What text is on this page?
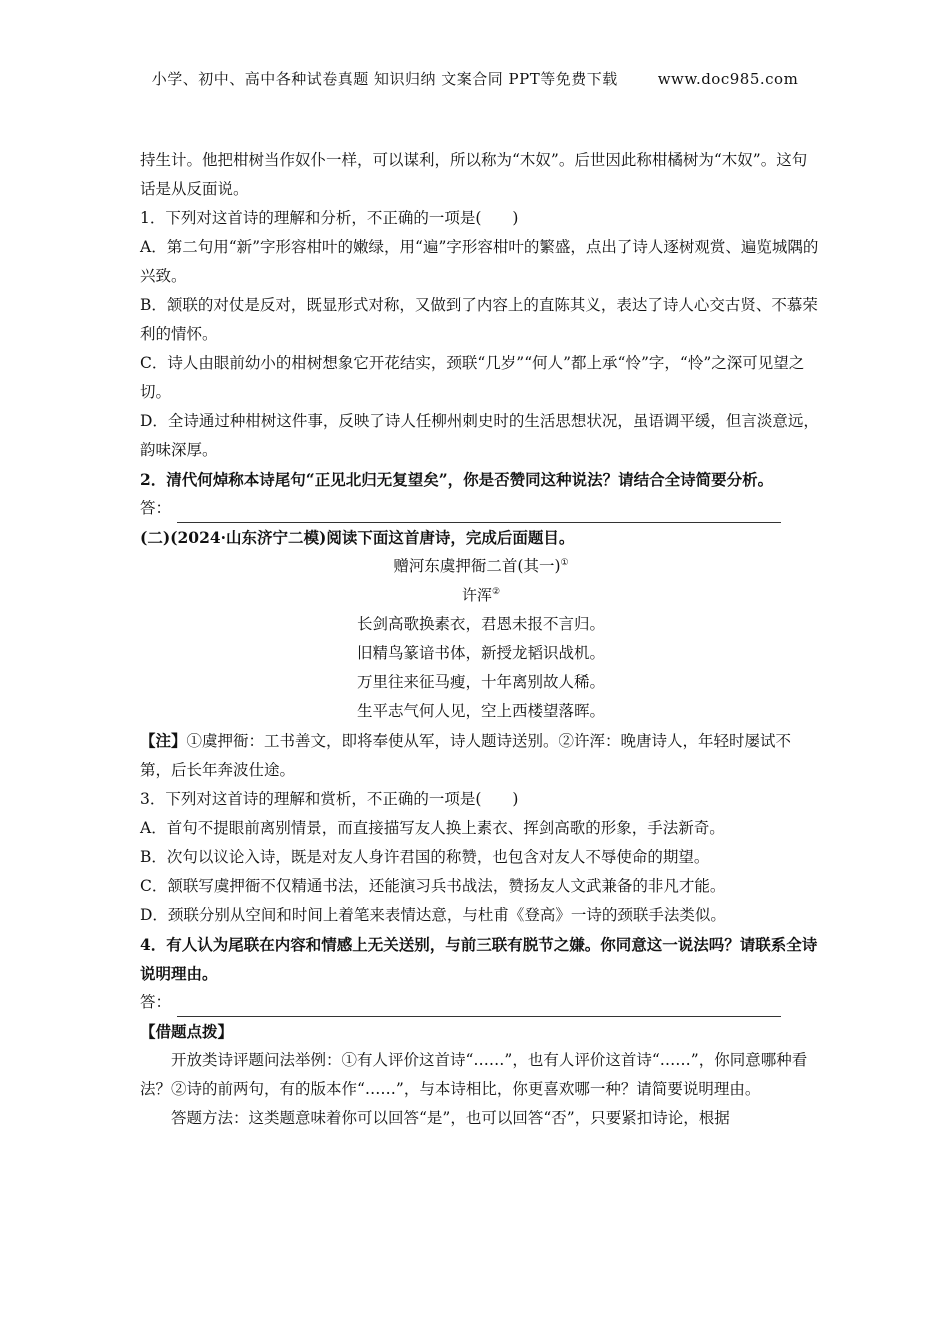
小学、初中、高中各种试卷真题 知识归纳 文案合同 PPT等免费下载	www.doc985.com

持生计。他把柑树当作奴仆一样，可以谋利，所以称为“木奴”。后世因此称柑橘树为“木奴”。这句话是从反面说。

1．下列对这首诗的理解和分析，不正确的一项是(　　)

A．第二句用“新”字形容柑叶的嫩绿，用“遍”字形容柑叶的繁盛，点出了诗人逐树观赏、遍览城隅的兴致。

B．颔联的对仗是反对，既显形式对称，又做到了内容上的直陈其义，表达了诗人心交古贤、不慕荣利的情怀。

C．诗人由眼前幼小的柑树想象它开花结实，颈联“几岁”“何人”都上承“怜”字，“怜”之深可见望之切。

D．全诗通过种柑树这件事，反映了诗人任柳州刺史时的生活思想状况，虽语调平缓，但言淡意远，韵味深厚。

2．清代何焯称本诗尾句“正见北归无复望矣”，你是否赞同这种说法？请结合全诗简要分析。

答：

(二)(2024·山东济宁二模)阅读下面这首唐诗，完成后面题目。

赠河东虞押衙二首(其一)①

许浑②

长剑高歌换素衣，君恩未报不言归。

旧精鸟篆谙书体，新授龙韬识战机。

万里往来征马瘦，十年离别故人稀。

生平志气何人见，空上西楼望落晖。

【注】①虞押衙：工书善文，即将奉使从军，诗人题诗送别。②许浑：晚唐诗人，年轻时屡试不第，后长年奔波仕途。

3．下列对这首诗的理解和赏析，不正确的一项是(　　)

A．首句不提眼前离别情景，而直接描写友人换上素衣、挥剑高歌的形象，手法新奇。

B．次句以议论入诗，既是对友人身许君国的称赞，也包含对友人不辱使命的期望。

C．颔联写虞押衙不仅精通书法，还能演习兵书战法，赞扬友人文武兼备的非凡才能。

D．颈联分别从空间和时间上着笔来表情达意，与杜甫《登高》一诗的颈联手法类似。

4．有人认为尾联在内容和情感上无关送别，与前三联有脱节之嫌。你同意这一说法吗？请联系全诗说明理由。

答：

【借题点拨】

开放类诗评题问法举例：①有人评价这首诗“……”，也有人评价这首诗“……”，你同意哪种看法？②诗的前两句，有的版本作“……”，与本诗相比，你更喜欢哪一种？请简要说明理由。

答题方法：这类题意味着你可以回答“是”，也可以回答“否”，只要紧扣诗论，根据
